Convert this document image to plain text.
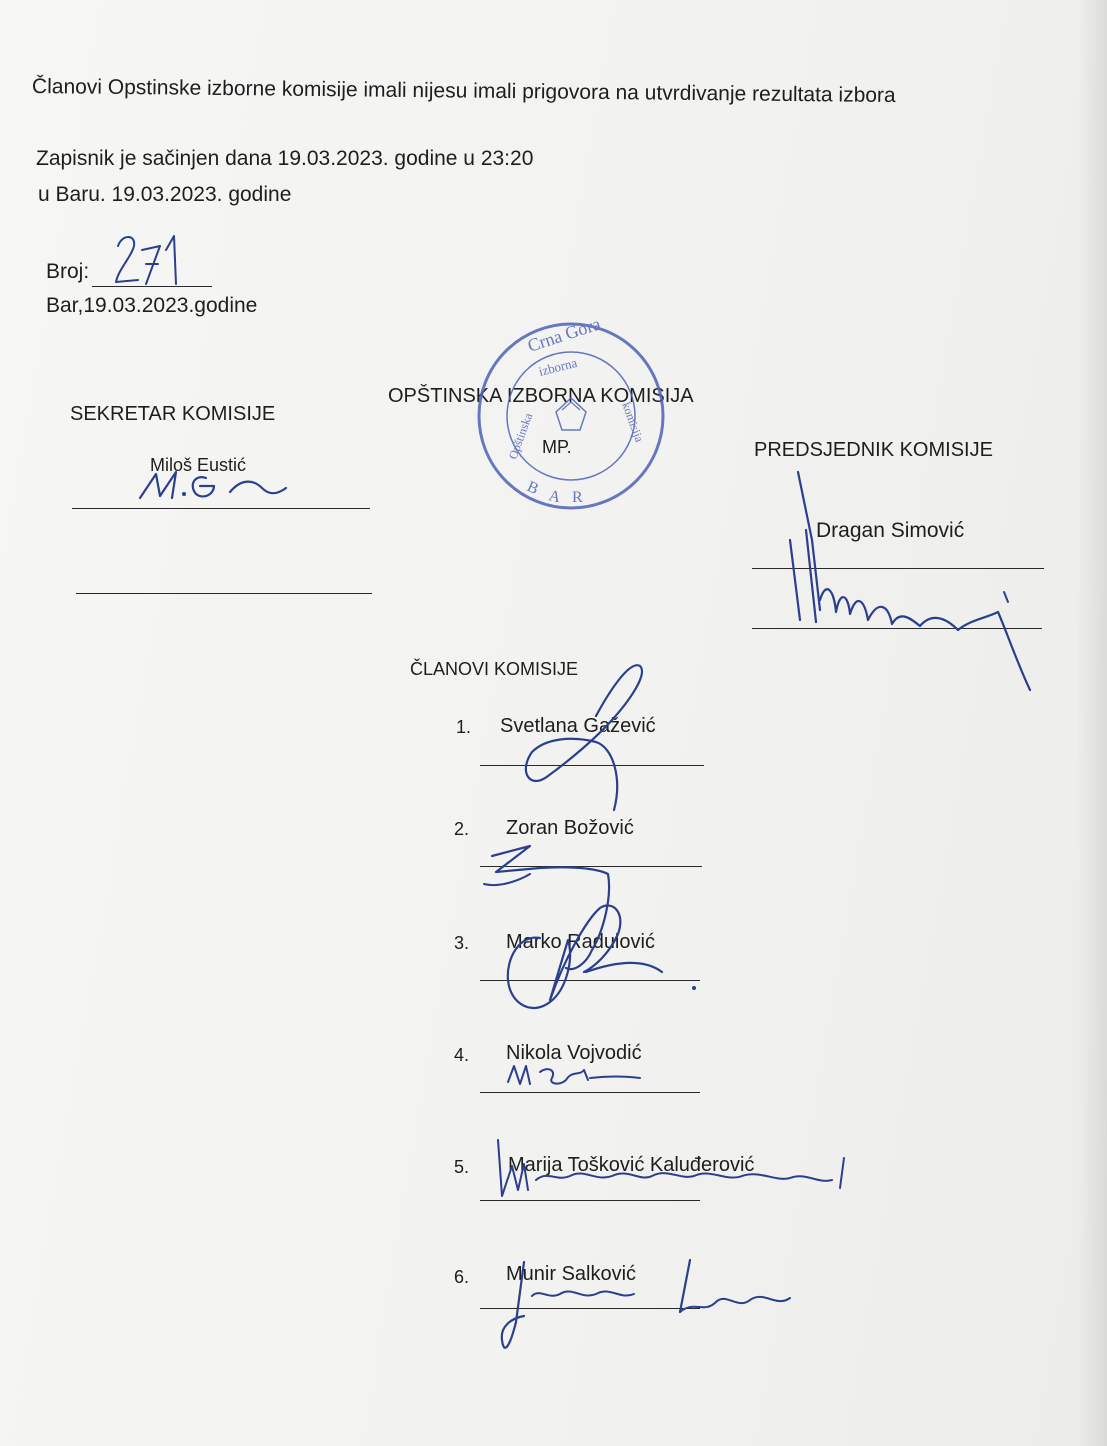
Članovi Opstinske izborne komisije imali nijesu imali prigovora na utvrdivanje rezultata izbora
Zapisnik je sačinjen dana 19.03.2023. godine u 23:20
u Baru. 19.03.2023. godine
Broj:
Bar,19.03.2023.godine
SEKRETAR KOMISIJE
Miloš Eustić
OPŠTINSKA IZBORNA KOMISIJA
MP.	PREDSJEDNIK KOMISIJE
Dragan Simović
ČLANOVI KOMISIJE
1. Svetlana Gažević
2. Zoran Božović
3. Marko Radulović
4. Nikola Vojvodić
5. Marija Tošković Kaluđerović
6. Munir Salković
Crna Gora
izborna
Opštinska	komisija
B A R
